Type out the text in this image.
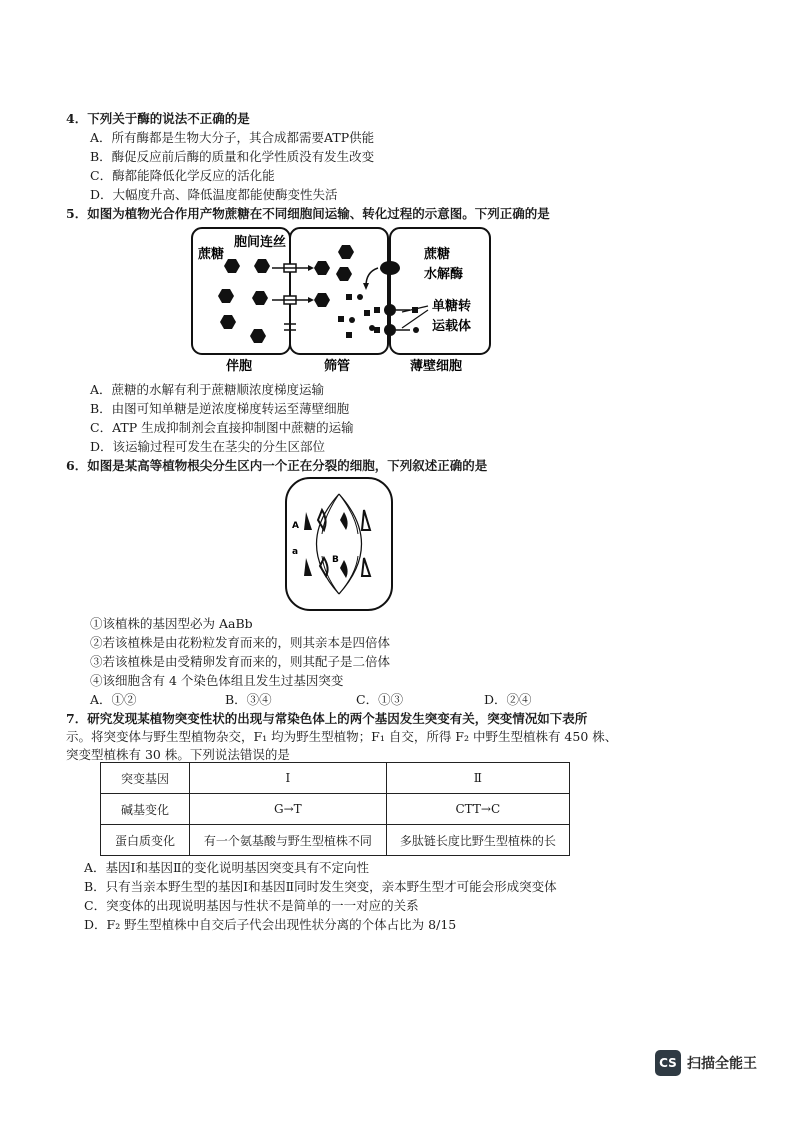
4．下列关于酶的说法不正确的是
A．所有酶都是生物大分子，其合成都需要ATP供能
B．酶促反应前后酶的质量和化学性质没有发生改变
C．酶都能降低化学反应的活化能
D．大幅度升高、降低温度都能使酶变性失活
5．如图为植物光合作用产物蔗糖在不同细胞间运输、转化过程的示意图。下列正确的是
胞间连丝
蔗糖	蔗糖
水解酶
单糖转
运载体
伴胞	筛管	薄壁细胞
A．蔗糖的水解有利于蔗糖顺浓度梯度运输
B．由图可知单糖是逆浓度梯度转运至薄壁细胞
C．ATP 生成抑制剂会直接抑制图中蔗糖的运输
D．该运输过程可发生在茎尖的分生区部位
6．如图是某高等植物根尖分生区内一个正在分裂的细胞，下列叙述正确的是
A
a
B
①该植株的基因型必为 AaBb
②若该植株是由花粉粒发育而来的，则其亲本是四倍体
③若该植株是由受精卵发育而来的，则其配子是二倍体
④该细胞含有 4 个染色体组且发生过基因突变
A．①②	B．③④	C．①③	D．②④
7．研究发现某植物突变性状的出现与常染色体上的两个基因发生突变有关，突变情况如下表所
示。将突变体与野生型植物杂交，F₁ 均为野生型植物；F₁ 自交，所得 F₂ 中野生型植株有 450 株、
突变型植株有 30 株。下列说法错误的是
突变基因	Ⅰ	Ⅱ
碱基变化	G→T	CTT→C
蛋白质变化	有一个氨基酸与野生型植株不同	多肽链长度比野生型植株的长
A．基因Ⅰ和基因Ⅱ的变化说明基因突变具有不定向性
B．只有当亲本野生型的基因Ⅰ和基因Ⅱ同时发生突变，亲本野生型才可能会形成突变体
C．突变体的出现说明基因与性状不是简单的一一对应的关系
D．F₂ 野生型植株中自交后子代会出现性状分离的个体占比为 8/15
CS 扫描全能王
